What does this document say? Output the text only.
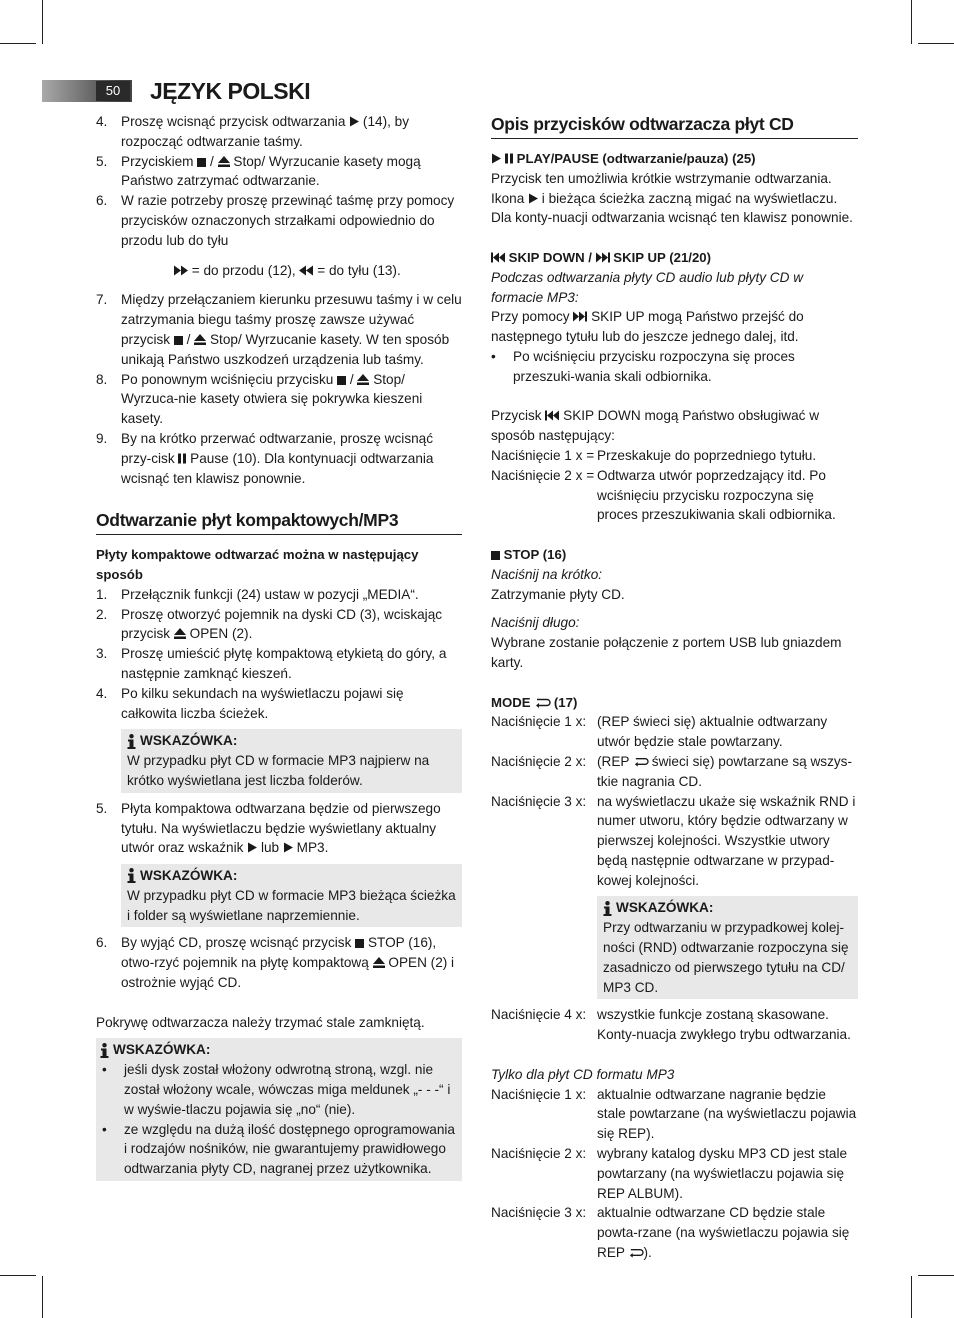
50	JĘZYK POLSKI
4.	Proszę wcisnąć przycisk odtwarzania  (14), by rozpocząć odtwarzanie taśmy.
5.	Przyciskiem  /  Stop/ Wyrzucanie kasety mogą Państwo zatrzymać odtwarzanie.
6.	W razie potrzeby proszę przewinąć taśmę przy pomocy przycisków oznaczonych strzałkami odpowiednio do przodu lub do tyłu
= do przodu (12),  = do tyłu (13).
7.	Między przełączaniem kierunku przesuwu taśmy i w celu zatrzymania biegu taśmy proszę zawsze używać przycisk  /  Stop/ Wyrzucanie kasety. W ten sposób unikają Państwo uszkodzeń urządzenia lub taśmy.
8.	Po ponownym wciśnięciu przycisku  /  Stop/ Wyrzuca-nie kasety otwiera się pokrywka kieszeni kasety.
9.	By na krótko przerwać odtwarzanie, proszę wcisnąć przy-cisk  Pause (10). Dla kontynuacji odtwarzania wcisnąć ten klawisz ponownie.
Odtwarzanie płyt kompaktowych/MP3
Płyty kompaktowe odtwarzać można w następujący sposób
1.	Przełącznik funkcji (24) ustaw w pozycji „MEDIA“.
2.	Proszę otworzyć pojemnik na dyski CD (3), wciskając przycisk  OPEN (2).
3.	Proszę umieścić płytę kompaktową etykietą do góry, a następnie zamknąć kieszeń.
4.	Po kilku sekundach na wyświetlaczu pojawi się całkowita liczba ścieżek.
WSKAZÓWKA:
W przypadku płyt CD w formacie MP3 najpierw na krótko wyświetlana jest liczba folderów.
5.	Płyta kompaktowa odtwarzana będzie od pierwszego tytułu. Na wyświetlaczu będzie wyświetlany aktualny utwór oraz wskaźnik  lub  MP3.
WSKAZÓWKA:
W przypadku płyt CD w formacie MP3 bieżąca ścieżka i folder są wyświetlane naprzemiennie.
6.	By wyjąć CD, proszę wcisnąć przycisk  STOP (16), otwo-rzyć pojemnik na płytę kompaktową  OPEN (2) i ostrożnie wyjąć CD.
Pokrywę odtwarzacza należy trzymać stale zamkniętą.
WSKAZÓWKA:
•	jeśli dysk został włożony odwrotną stroną, wzgl. nie został włożony wcale, wówczas miga meldunek „- - -“ i w wyświe-tlaczu pojawia się „no“ (nie).
•	ze względu na dużą ilość dostępnego oprogramowania i rodzajów nośników, nie gwarantujemy prawidłowego odtwarzania płyty CD, nagranej przez użytkownika.
Opis przycisków odtwarzacza płyt CD
PLAY/PAUSE (odtwarzanie/pauza) (25)
Przycisk ten umożliwia krótkie wstrzymanie odtwarzania. Ikona  i bieżąca ścieżka zaczną migać na wyświetlaczu. Dla konty-nuacji odtwarzania wcisnąć ten klawisz ponownie.
SKIP DOWN /  SKIP UP (21/20)
Podczas odtwarzania płyty CD audio lub płyty CD w formacie MP3:
Przy pomocy  SKIP UP mogą Państwo przejść do następnego tytułu lub do jeszcze jednego dalej, itd.
•	Po wciśnięciu przycisku rozpoczyna się proces przeszuki-wania skali odbiornika.
Przycisk  SKIP DOWN mogą Państwo obsługiwać w sposób następujący:
Naciśnięcie 1 x = Przeskakuje do poprzedniego tytułu.
Naciśnięcie 2 x = Odtwarza utwór poprzedzający itd. Po wciśnięciu przycisku rozpoczyna się proces przeszukiwania skali odbiornika.
STOP (16)
Naciśnij na krótko:
Zatrzymanie płyty CD.
Naciśnij długo:
Wybrane zostanie połączenie z portem USB lub gniazdem karty.
MODE  (17)
Naciśnięcie 1 x: (REP świeci się) aktualnie odtwarzany utwór będzie stale powtarzany.
Naciśnięcie 2 x: (REP  świeci się) powtarzane są wszys-tkie nagrania CD.
Naciśnięcie 3 x: na wyświetlaczu ukaże się wskaźnik RND i numer utworu, który będzie odtwarzany w pierwszej kolejności. Wszystkie utwory będą następnie odtwarzane w przypad-kowej kolejności.
WSKAZÓWKA:
Przy odtwarzaniu w przypadkowej kolej-ności (RND) odtwarzanie rozpoczyna się zasadniczo od pierwszego tytułu na CD/ MP3 CD.
Naciśnięcie 4 x: wszystkie funkcje zostaną skasowane. Konty-nuacja zwykłego trybu odtwarzania.
Tylko dla płyt CD formatu MP3
Naciśnięcie 1 x: aktualnie odtwarzane nagranie będzie stale powtarzane (na wyświetlaczu pojawia się REP).
Naciśnięcie 2 x: wybrany katalog dysku MP3 CD jest stale powtarzany (na wyświetlaczu pojawia się REP ALBUM).
Naciśnięcie 3 x: aktualnie odtwarzane CD będzie stale powta-rzane (na wyświetlaczu pojawia się REP ).
